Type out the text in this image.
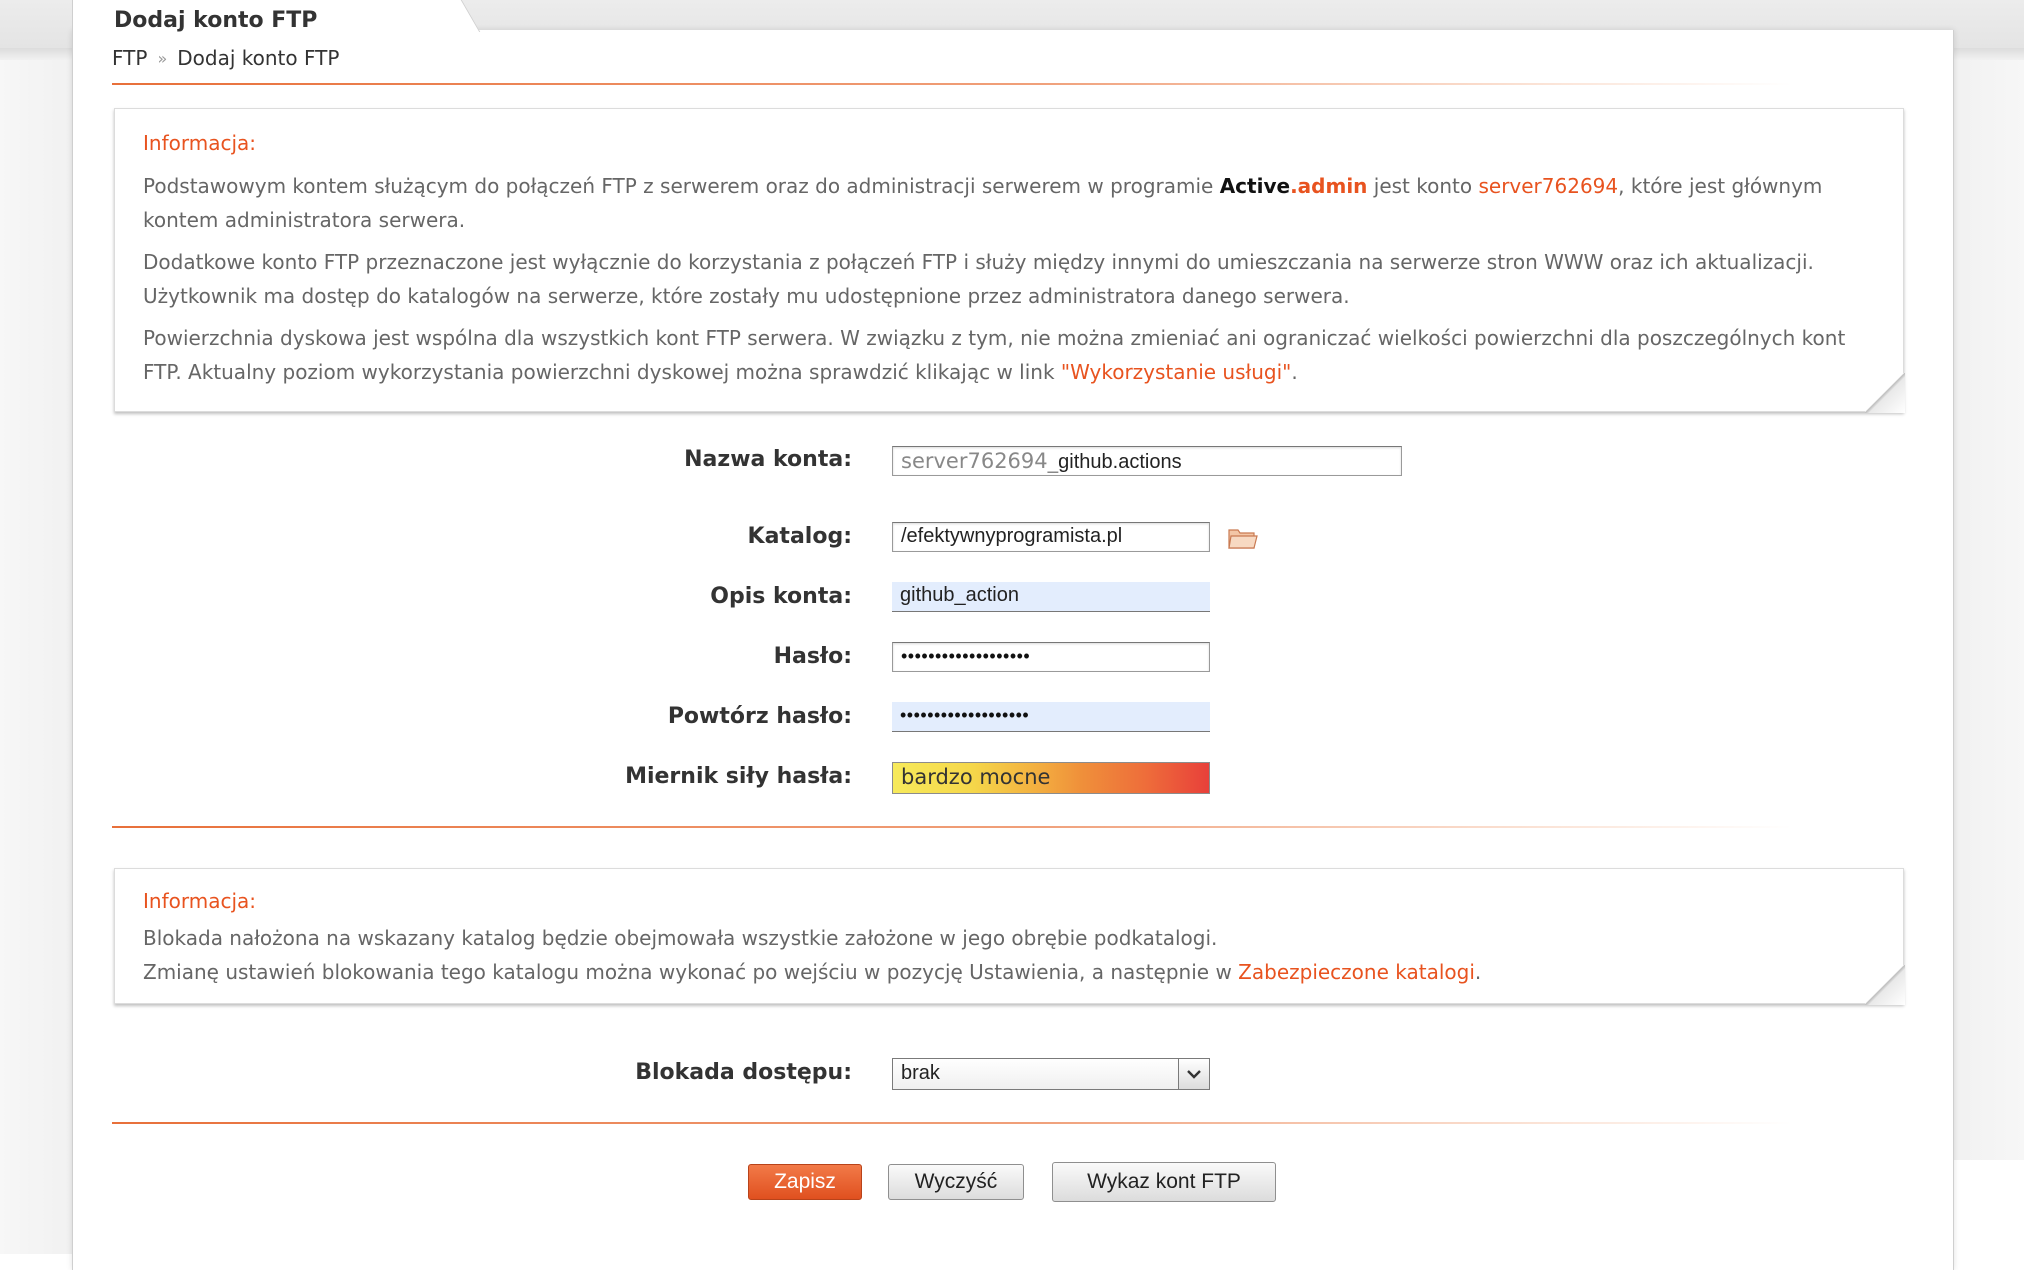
Dodaj konto FTP
FTP » Dodaj konto FTP
Informacja:
Podstawowym kontem służącym do połączeń FTP z serwerem oraz do administracji serwerem w programie Active.admin jest konto server762694, które jest głównym kontem administratora serwera.
Dodatkowe konto FTP przeznaczone jest wyłącznie do korzystania z połączeń FTP i służy między innymi do umieszczania na serwerze stron WWW oraz ich aktualizacji. Użytkownik ma dostęp do katalogów na serwerze, które zostały mu udostępnione przez administratora danego serwera.
Powierzchnia dyskowa jest wspólna dla wszystkich kont FTP serwera. W związku z tym, nie można zmieniać ani ograniczać wielkości powierzchni dla poszczególnych kont FTP. Aktualny poziom wykorzystania powierzchni dyskowej można sprawdzić klikając w link "Wykorzystanie usługi".
Nazwa konta:	server762694_github.actions
Katalog:	/efektywnyprogramista.pl
Opis konta:	github_action
Hasło:	•••••••••••••••••••
Powtórz hasło:	•••••••••••••••••••
Miernik siły hasła:	bardzo mocne
Informacja:
Blokada nałożona na wskazany katalog będzie obejmowała wszystkie założone w jego obrębie podkatalogi.
Zmianę ustawień blokowania tego katalogu można wykonać po wejściu w pozycję Ustawienia, a następnie w Zabezpieczone katalogi.
Blokada dostępu:	brak
Zapisz	Wyczyść	Wykaz kont FTP
